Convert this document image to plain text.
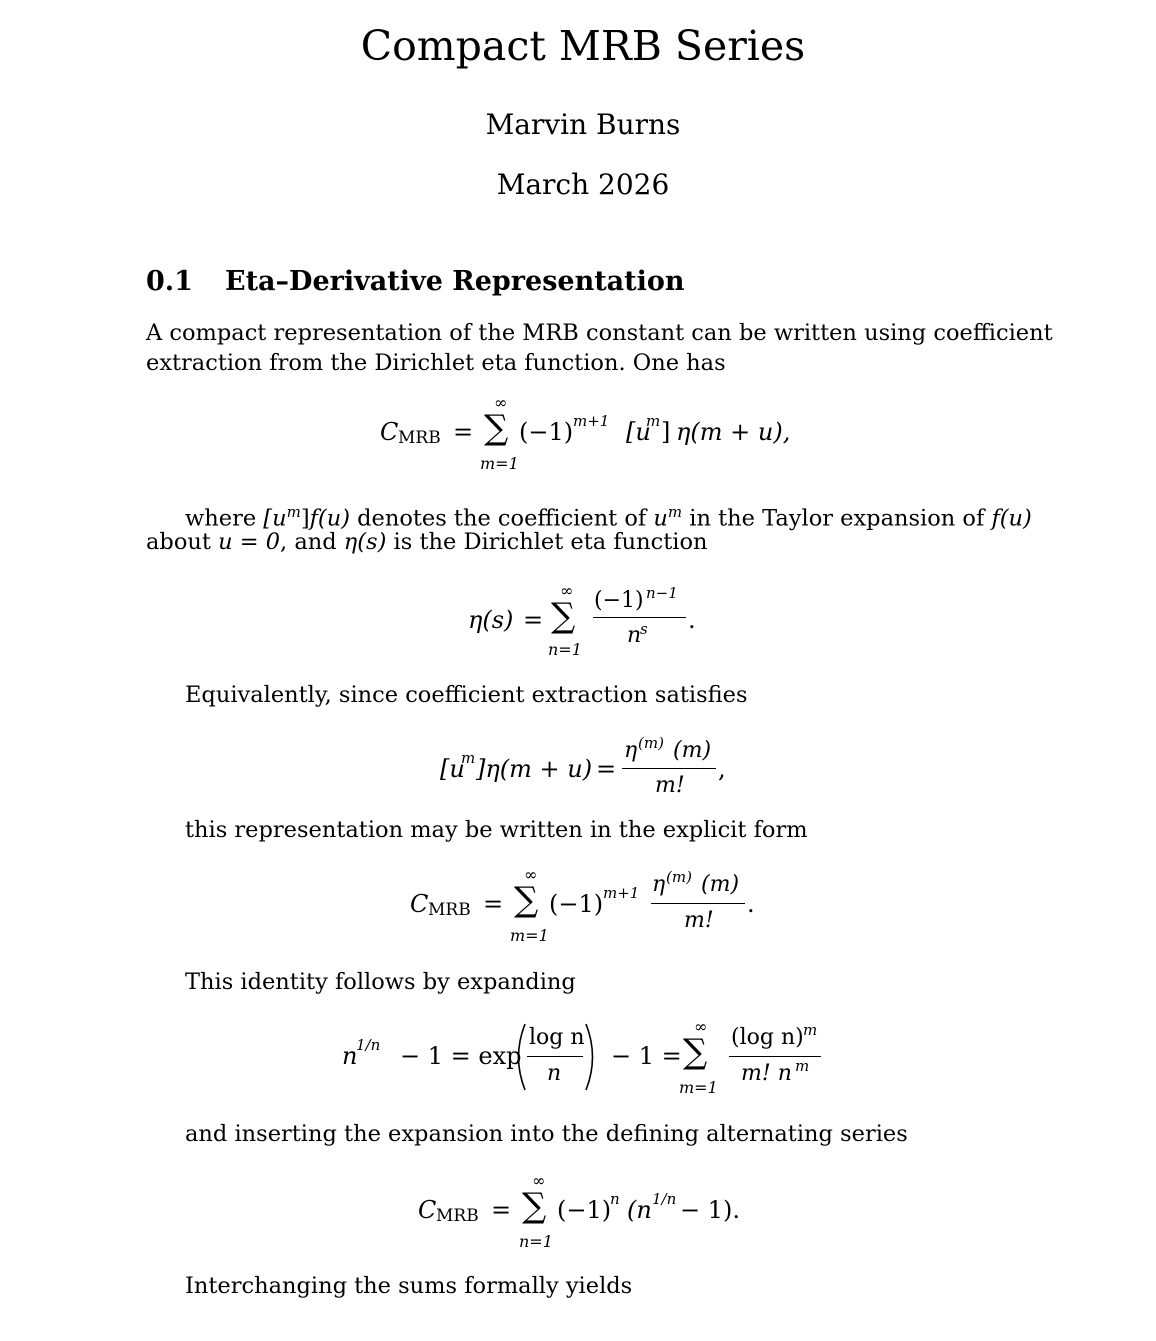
Compact MRB Series
Marvin Burns
March 2026
0.1 Eta–Derivative Representation
A compact representation of the MRB constant can be written using coefficient
extraction from the Dirichlet eta function. One has
C MRB =
∞
∑
m=1
(−1) m+1 [u
m ] η(m + u),
where $[u^m]f(u)$ denotes the coefficient of $u^m$ in the Taylor expansion of f(u)
about u = 0, and η(s) is the Dirichlet eta function
η(s) =
∞
∑
n=1
(−1) n−1
n
s .
Equivalently, since coefficient extraction satisfies
[u
m ]η(m + u) =
η (m) (m)
m!
,
this representation may be written in the explicit form
C MRB =
∞
∑
m=1
(−1) m+1 η (m) (m)
m!
.
This identity follows by expanding
n
1/n − 1 = exp
log n
n
− 1 =
∞
∑
m=1
(log n) m
m! n m
and inserting the expansion into the defining alternating series
C MRB =
∞
∑
n=1
(−1)
n (n 1/n − 1).
Interchanging the sums formally yields
